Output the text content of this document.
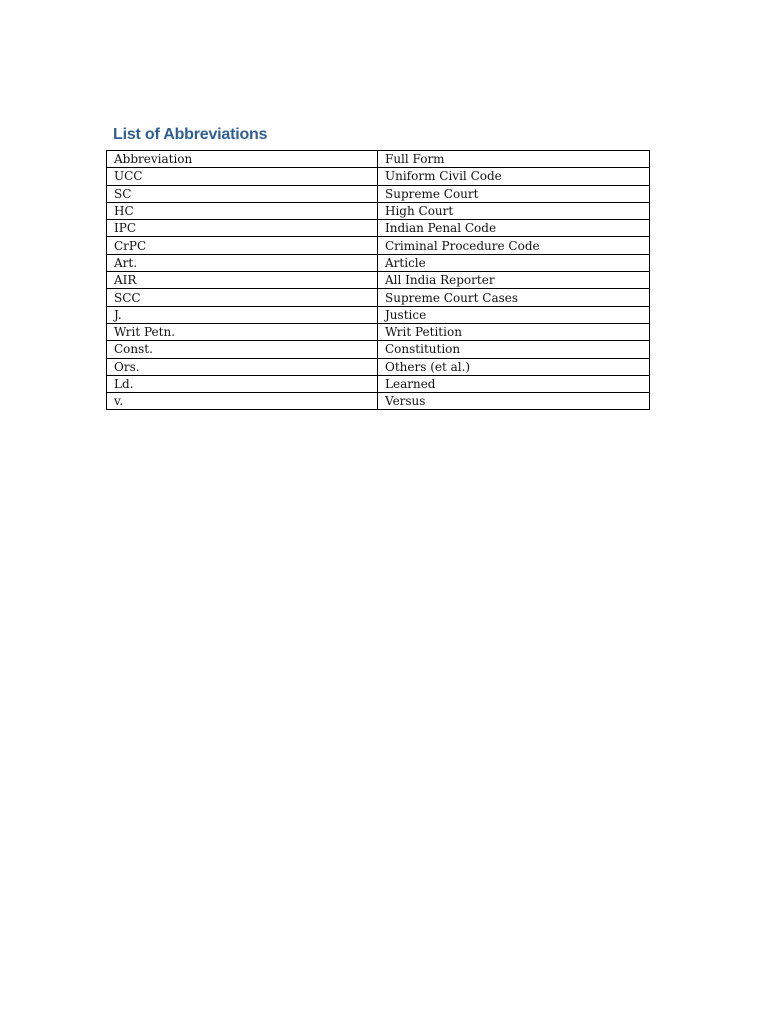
List of Abbreviations
Abbreviation	Full Form
UCC	Uniform Civil Code
SC	Supreme Court
HC	High Court
IPC	Indian Penal Code
CrPC	Criminal Procedure Code
Art.	Article
AIR	All India Reporter
SCC	Supreme Court Cases
J.	Justice
Writ Petn.	Writ Petition
Const.	Constitution
Ors.	Others (et al.)
Ld.	Learned
v.	Versus
